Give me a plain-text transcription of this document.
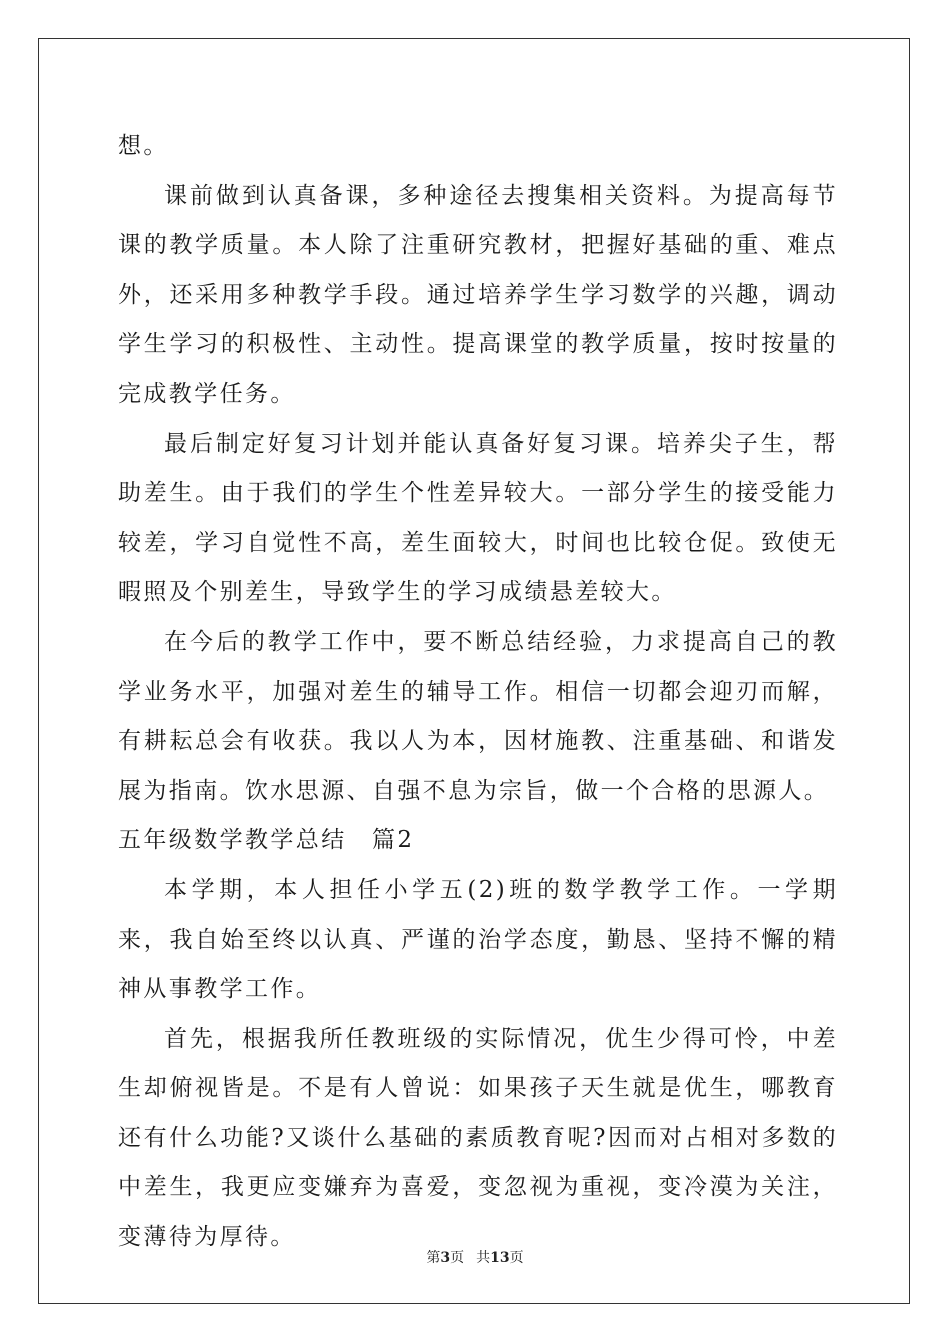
想。

课前做到认真备课，多种途径去搜集相关资料。为提高每节课的教学质量。本人除了注重研究教材，把握好基础的重、难点外，还采用多种教学手段。通过培养学生学习数学的兴趣，调动学生学习的积极性、主动性。提高课堂的教学质量，按时按量的完成教学任务。

最后制定好复习计划并能认真备好复习课。培养尖子生，帮助差生。由于我们的学生个性差异较大。一部分学生的接受能力较差，学习自觉性不高，差生面较大，时间也比较仓促。致使无暇照及个别差生，导致学生的学习成绩悬差较大。

在今后的教学工作中，要不断总结经验，力求提高自己的教学业务水平，加强对差生的辅导工作。相信一切都会迎刃而解，有耕耘总会有收获。我以人为本，因材施教、注重基础、和谐发展为指南。饮水思源、自强不息为宗旨，做一个合格的思源人。

五年级数学教学总结　篇2

本学期，本人担任小学五(2)班的数学教学工作。一学期来，我自始至终以认真、严谨的治学态度，勤恳、坚持不懈的精神从事教学工作。

首先，根据我所任教班级的实际情况，优生少得可怜，中差生却俯视皆是。不是有人曾说：如果孩子天生就是优生，哪教育还有什么功能?又谈什么基础的素质教育呢?因而对占相对多数的中差生，我更应变嫌弃为喜爱，变忽视为重视，变冷漠为关注，变薄待为厚待。

第3页 共13页
